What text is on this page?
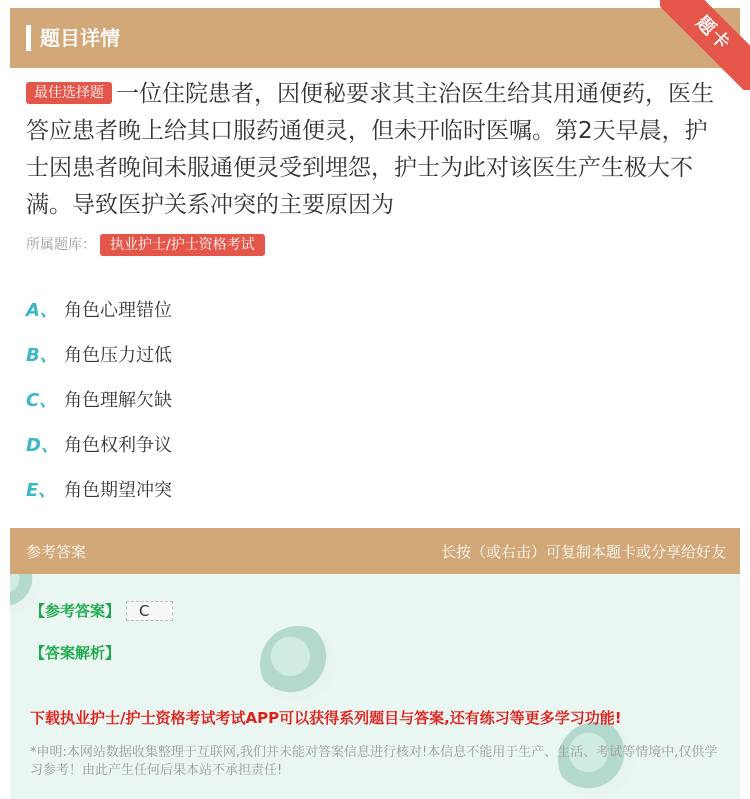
题目详情	题卡
最佳选择题 一位住院患者，因便秘要求其主治医生给其用通便药，医生答应患者晚上给其口服药通便灵，但未开临时医嘱。第2天早晨，护士因患者晚间未服通便灵受到埋怨，护士为此对该医生产生极大不满。导致医护关系冲突的主要原因为
所属题库： 执业护士/护士资格考试
A、 角色心理错位
B、 角色压力过低
C、 角色理解欠缺
D、 角色权利争议
E、 角色期望冲突
参考答案	长按（或右击）可复制本题卡或分享给好友
【参考答案】 C
【答案解析】
下载执业护士/护士资格考试考试APP可以获得系列题目与答案,还有练习等更多学习功能!
*申明:本网站数据收集整理于互联网,我们并未能对答案信息进行核对!本信息不能用于生产、生活、考试等情境中,仅供学习参考！由此产生任何后果本站不承担责任!
